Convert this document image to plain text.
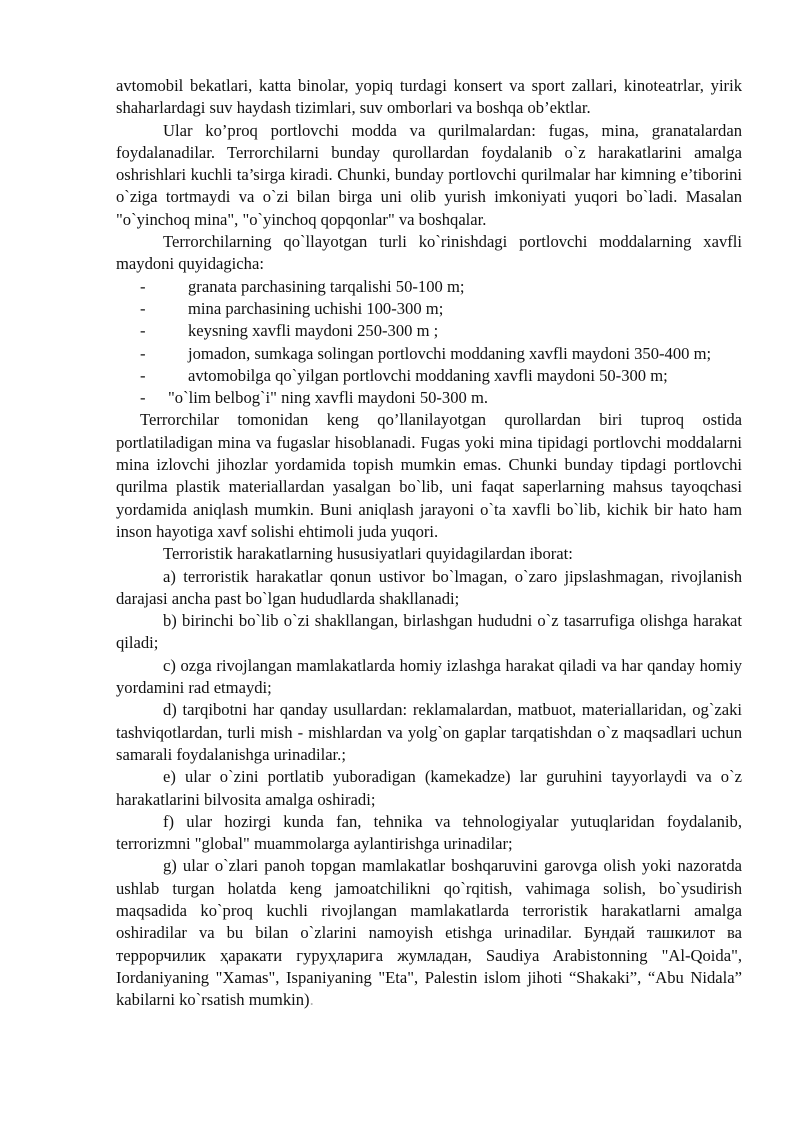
avtomobil bekatlari, katta binolar, yopiq turdagi konsert va sport zallari, kinoteatrlar, yirik shaharlardagi suv haydash tizimlari, suv omborlari va boshqa ob’ektlar.

Ular ko’proq portlovchi modda va qurilmalardan: fugas, mina, granatalardan foydalanadilar. Terrorchilarni bunday qurollardan foydalanib o`z harakatlarini amalga oshrishlari kuchli ta’sirga kiradi. Chunki, bunday portlovchi qurilmalar har kimning e’tiborini o`ziga tortmaydi va o`zi bilan birga uni olib yurish imkoniyati yuqori bo`ladi. Masalan "o`yinchoq mina", "o`yinchoq qopqonlar" va boshqalar.

Terrorchilarning qo`llayotgan turli ko`rinishdagi portlovchi moddalarning xavfli maydoni quyidagicha:

-	granata parchasining tarqalishi 50-100 m;
-	mina parchasining uchishi 100-300 m;
-	keysning xavfli maydoni 250-300 m ;
-	jomadon, sumkaga solingan portlovchi moddaning xavfli maydoni 350-400 m;
-	avtomobilga qo`yilgan portlovchi moddaning xavfli maydoni 50-300 m;
- "o`lim belbog`i" ning xavfli maydoni 50-300 m.

Terrorchilar tomonidan keng qo’llanilayotgan qurollardan biri tuproq ostida portlatiladigan mina va fugaslar hisoblanadi. Fugas yoki mina tipidagi portlovchi moddalarni mina izlovchi jihozlar yordamida topish mumkin emas. Chunki bunday tipdagi portlovchi qurilma plastik materiallardan yasalgan bo`lib, uni faqat saperlarning mahsus tayoqchasi yordamida aniqlash mumkin. Buni aniqlash jarayoni o`ta xavfli bo`lib, kichik bir hato ham inson hayotiga xavf solishi ehtimoli juda yuqori.

Terroristik harakatlarning hususiyatlari quyidagilardan iborat:

a) terroristik harakatlar qonun ustivor bo`lmagan, o`zaro jipslashmagan, rivojlanish darajasi ancha past bo`lgan hududlarda shakllanadi;

b) birinchi bo`lib o`zi shakllangan, birlashgan hududni o`z tasarrufiga olishga harakat qiladi;

c) ozga rivojlangan mamlakatlarda homiy izlashga harakat qiladi va har qanday homiy yordamini rad etmaydi;

d) tarqibotni har qanday usullardan: reklamalardan, matbuot, materiallaridan, og`zaki tashviqotlardan, turli mish - mishlardan va yolg`on gaplar tarqatishdan o`z maqsadlari uchun samarali foydalanishga urinadilar.;

e) ular o`zini portlatib yuboradigan (kamekadze) lar guruhini tayyorlaydi va o`z harakatlarini bilvosita amalga oshiradi;

f) ular hozirgi kunda fan, tehnika va tehnologiyalar yutuqlaridan foydalanib, terrorizmni "global" muammolarga aylantirishga urinadilar;

g) ular o`zlari panoh topgan mamlakatlar boshqaruvini garovga olish yoki nazoratda ushlab turgan holatda keng jamoatchilikni qo`rqitish, vahimaga solish, bo`ysudirish maqsadida ko`proq kuchli rivojlangan mamlakatlarda terroristik harakatlarni amalga oshiradilar va bu bilan o`zlarini namoyish etishga urinadilar. Бундай ташкилот ва террорчилик ҳаракати гуруҳларига жумладан, Saudiya Arabistonning "Al-Qoida", Iordaniyaning "Xamas", Ispaniyaning "Eta", Palestin islom jihoti “Shakaki”, “Abu Nidala” kabilarni ko`rsatish mumkin).
